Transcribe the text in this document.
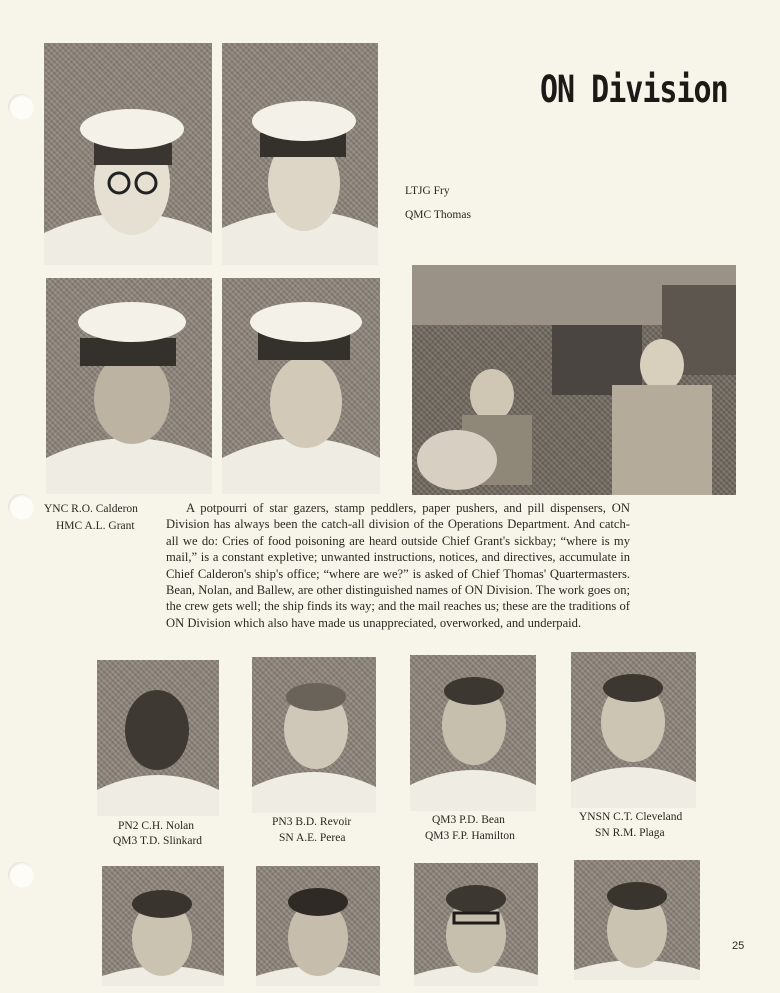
ON Division
LTJG Fry
QMC Thomas
YNC R.O. Calderon
HMC A.L. Grant
A potpourri of star gazers, stamp peddlers, paper pushers, and pill dispensers, ON Division has always been the catch-all division of the Operations Department. And catch-all we do: Cries of food poisoning are heard outside Chief Grant's sickbay; “where is my mail,” is a constant expletive; unwanted instructions, notices, and directives, accumulate in Chief Calderon's ship's office; “where are we?” is asked of Chief Thomas' Quartermasters. Bean, Nolan, and Ballew, are other distinguished names of ON Division. The work goes on; the crew gets well; the ship finds its way; and the mail reaches us; these are the traditions of ON Division which also have made us unappreciated, overworked, and underpaid.
PN2 C.H. Nolan
QM3 T.D. Slinkard
PN3 B.D. Revoir
SN A.E. Perea
QM3 P.D. Bean
QM3 F.P. Hamilton
YNSN C.T. Cleveland
SN R.M. Plaga
25
